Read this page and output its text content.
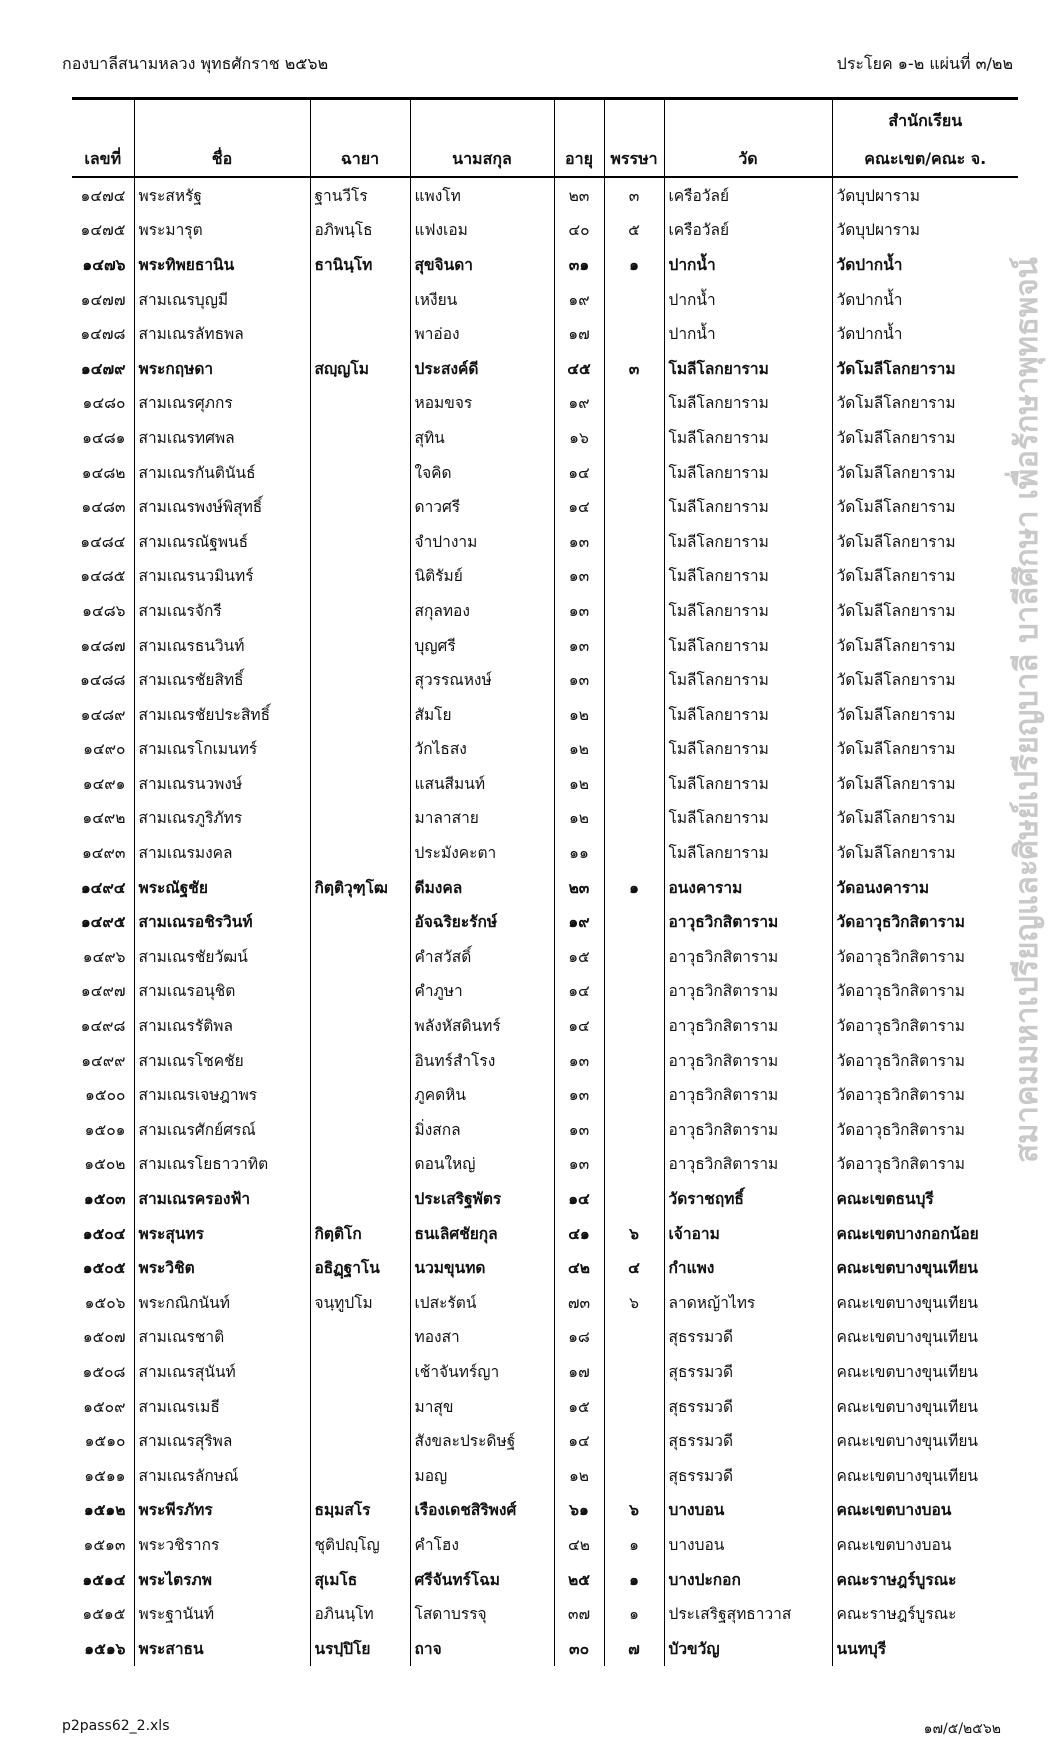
กองบาลีสนามหลวง พุทธศักราช ๒๕๖๒	ประโยค ๑-๒ แผ่นที่ ๓/๒๒
							สำนักเรียน
เลขที่	ชื่อ	ฉายา	นามสกุล	อายุ	พรรษา	วัด	คณะเขต/คณะ จ.
๑๔๗๔	พระสหรัฐ	ฐานวีโร	แพงโท	๒๓	๓	เครือวัลย์	วัดบุปผาราม
๑๔๗๕	พระมารุต	อภิพนฺโธ	แฟงเอม	๔๐	๕	เครือวัลย์	วัดบุปผาราม
๑๔๗๖	พระทิพยธานิน	ธานินฺโท	สุขจินดา	๓๑	๑	ปากน้ำ	วัดปากน้ำ
๑๔๗๗	สามเณรบุญมี		เหงียน	๑๙		ปากน้ำ	วัดปากน้ำ
๑๔๗๘	สามเณรลัทธพล		พาอ่อง	๑๗		ปากน้ำ	วัดปากน้ำ
๑๔๗๙	พระกฤษดา	สญฺญโม	ประสงค์ดี	๔๕	๓	โมลีโลกยาราม	วัดโมลีโลกยาราม
๑๔๘๐	สามเณรศุภกร		หอมขจร	๑๙		โมลีโลกยาราม	วัดโมลีโลกยาราม
๑๔๘๑	สามเณรทศพล		สุทิน	๑๖		โมลีโลกยาราม	วัดโมลีโลกยาราม
๑๔๘๒	สามเณรกันตินันธ์		ใจคิด	๑๔		โมลีโลกยาราม	วัดโมลีโลกยาราม
๑๔๘๓	สามเณรพงษ์พิสุทธิ์		ดาวศรี	๑๔		โมลีโลกยาราม	วัดโมลีโลกยาราม
๑๔๘๔	สามเณรณัฐพนธ์		จำปางาม	๑๓		โมลีโลกยาราม	วัดโมลีโลกยาราม
๑๔๘๕	สามเณรนวมินทร์		นิติรัมย์	๑๓		โมลีโลกยาราม	วัดโมลีโลกยาราม
๑๔๘๖	สามเณรจักรี		สกุลทอง	๑๓		โมลีโลกยาราม	วัดโมลีโลกยาราม
๑๔๘๗	สามเณรธนวินท์		บุญศรี	๑๓		โมลีโลกยาราม	วัดโมลีโลกยาราม
๑๔๘๘	สามเณรชัยสิทธิ์		สุวรรณหงษ์	๑๓		โมลีโลกยาราม	วัดโมลีโลกยาราม
๑๔๘๙	สามเณรชัยประสิทธิ์		สัมโย	๑๒		โมลีโลกยาราม	วัดโมลีโลกยาราม
๑๔๙๐	สามเณรโกเมนทร์		วักไธสง	๑๒		โมลีโลกยาราม	วัดโมลีโลกยาราม
๑๔๙๑	สามเณรนวพงษ์		แสนสีมนท์	๑๒		โมลีโลกยาราม	วัดโมลีโลกยาราม
๑๔๙๒	สามเณรภูริภัทร		มาลาสาย	๑๒		โมลีโลกยาราม	วัดโมลีโลกยาราม
๑๔๙๓	สามเณรมงคล		ประมังคะตา	๑๑		โมลีโลกยาราม	วัดโมลีโลกยาราม
๑๔๙๔	พระณัฐชัย	กิตฺติวุฑฺโฒ	ดีมงคล	๒๓	๑	อนงคาราม	วัดอนงคาราม
๑๔๙๕	สามเณรอชิรวินท์		อัจฉริยะรักษ์	๑๙		อาวุธวิกสิตาราม	วัดอาวุธวิกสิตาราม
๑๔๙๖	สามเณรชัยวัฒน์		คำสวัสดิ์	๑๕		อาวุธวิกสิตาราม	วัดอาวุธวิกสิตาราม
๑๔๙๗	สามเณรอนุชิต		คำภูษา	๑๔		อาวุธวิกสิตาราม	วัดอาวุธวิกสิตาราม
๑๔๙๘	สามเณรรัติพล		พลังหัสดินทร์	๑๔		อาวุธวิกสิตาราม	วัดอาวุธวิกสิตาราม
๑๔๙๙	สามเณรโชคชัย		อินทร์สำโรง	๑๓		อาวุธวิกสิตาราม	วัดอาวุธวิกสิตาราม
๑๕๐๐	สามเณรเจษฎาพร		ภูคดหิน	๑๓		อาวุธวิกสิตาราม	วัดอาวุธวิกสิตาราม
๑๕๐๑	สามเณรศักย์ศรณ์		มิ่งสกล	๑๓		อาวุธวิกสิตาราม	วัดอาวุธวิกสิตาราม
๑๕๐๒	สามเณรโยธาวาทิต		ดอนใหญ่	๑๓		อาวุธวิกสิตาราม	วัดอาวุธวิกสิตาราม
๑๕๐๓	สามเณรครองฟ้า		ประเสริฐพัตร	๑๔		วัดราชฤทธิ์	คณะเขตธนบุรี
๑๕๐๔	พระสุนทร	กิตฺติโก	ธนเลิศชัยกุล	๔๑	๖	เจ้าอาม	คณะเขตบางกอกน้อย
๑๕๐๕	พระวิชิต	อธิฏฺฐาโน	นวมขุนทด	๔๒	๔	กำแพง	คณะเขตบางขุนเทียน
๑๕๐๖	พระกณิกนันท์	จนฺทูปโม	เปสะรัตน์	๗๓	๖	ลาดหญ้าไทร	คณะเขตบางขุนเทียน
๑๕๐๗	สามเณรชาติ		ทองสา	๑๘		สุธรรมวดี	คณะเขตบางขุนเทียน
๑๕๐๘	สามเณรสุนันท์		เช้าจันทร์ญา	๑๗		สุธรรมวดี	คณะเขตบางขุนเทียน
๑๕๐๙	สามเณรเมธี		มาสุข	๑๕		สุธรรมวดี	คณะเขตบางขุนเทียน
๑๕๑๐	สามเณรสุริพล		สังขละประดิษฐ์	๑๔		สุธรรมวดี	คณะเขตบางขุนเทียน
๑๕๑๑	สามเณรลักษณ์		มอญ	๑๒		สุธรรมวดี	คณะเขตบางขุนเทียน
๑๕๑๒	พระพีรภัทร	ธมฺมสโร	เรืองเดชสิริพงศ์	๖๑	๖	บางบอน	คณะเขตบางบอน
๑๕๑๓	พระวชิรากร	ชุติปญฺโญ	คำโฮง	๔๒	๑	บางบอน	คณะเขตบางบอน
๑๕๑๔	พระไตรภพ	สุเมโธ	ศรีจันทร์โฉม	๒๕	๑	บางปะกอก	คณะราษฎร์บูรณะ
๑๕๑๕	พระฐานันท์	อภินนฺโท	โสดาบรรจุ	๓๗	๑	ประเสริฐสุทธาวาส	คณะราษฎร์บูรณะ
๑๕๑๖	พระสาธน	นรปฺปิโย	ถาจ	๓๐	๗	บัวขวัญ	นนทบุรี
สมาคมมหาเปรียญและศิษย์เปรียญบาลี บาลีศึกษา เพื่อรักษาพุทธพจน์
p2pass62_2.xls	๑๗/๕/๒๕๖๒
